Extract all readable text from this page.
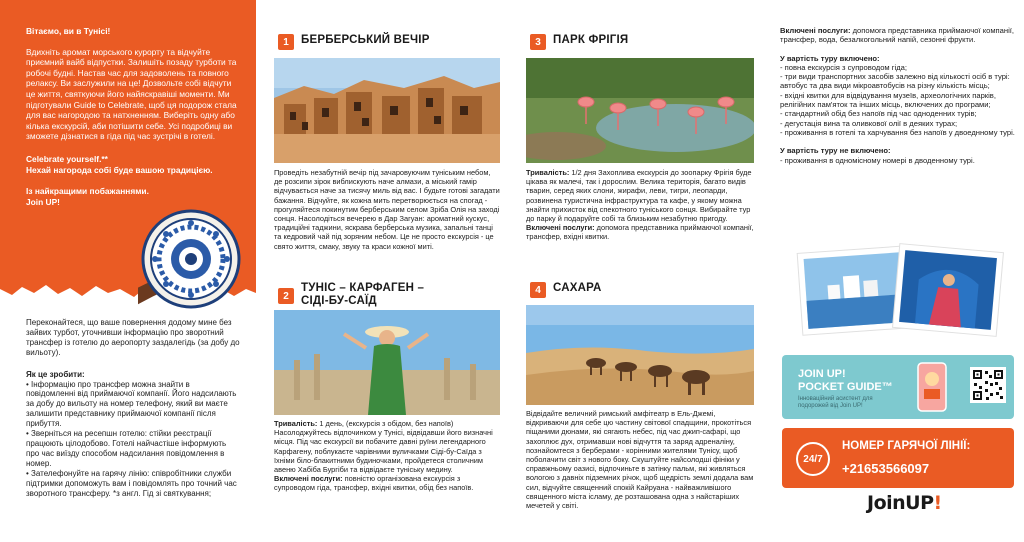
Вітаємо, ви в Тунісі!
Вдихніть аромат морського курорту та відчуйте приємний вайб відпустки. Залишіть позаду турботи та робочі будні. Настав час для задоволень та повного релаксу. Ви заслужили на це! Дозвольте собі відчути це життя, святкуючи його найяскравіші моменти. Ми підготували Guide to Celebrate, щоб ця подорож стала для вас нагородою та натхненням. Виберіть одну або кілька екскурсій, аби потішити себе. Усі подробиці ви зможете дізнатися в гіда під час зустрічі в готелі.
Celebrate yourself.**
Нехай нагорода собі буде вашою традицією.
Із найкращими побажаннями.
Join UP!
Переконайтеся, що ваше повернення додому мине без зайвих турбот, уточнивши інформацію про зворотний трансфер із готелю до аеропорту заздалегідь (за добу до вильоту).
Як це зробити:
• Інформацію про трансфер можна знайти в повідомленні від приймаючої компанії. Його надсилають за добу до вильоту на номер телефону, який ви маєте залишити представнику приймаючої компанії після прибуття.
• Зверніться на ресепшн готелю: стійки реєстрації працюють цілодобово. Готелі найчастіше інформують про час виїзду способом надсилання повідомлення в номер.
• Зателефонуйте на гарячу лінію: співробітники служби підтримки допоможуть вам і повідомлять про точний час зворотного трансферу. *з англ. Гід зі святкування;
1	БЕРБЕРСЬКИЙ ВЕЧІР
Проведіть незабутній вечір під зачаровуючим туніським небом, де розсипи зірок виблискують наче алмази, а міський гамір відчувається наче за тисячу миль від вас. І будьте готові загадати бажання. Відчуйте, як кожна мить перетворюється на спогад - прогуляйтеся покинутим берберським селом Зріба Олія на заході сонця. Насолодіться вечерею в Дар Загуан: ароматний кускус, традиційні таджини, яскрава берберська музика, запальні танці та кедровий чай під зоряним небом. Це не просто екскурсія - це свято життя, смаку, звуку та краси кожної миті.
2
ТУНІС – КАРФАГЕН –
СІДІ-БУ-САЇД
Тривалість: 1 день, (екскурсія з обідом, без напоїв) Насолоджуйтесь відпочинком у Тунісі, відвідавши його визначні місця. Під час екскурсії ви побачите давні руїни легендарного Карфагену, поблукаєте чарівними вуличками Сіді-бу-Саїда з їхніми біло-блакитними будиночками, пройдетеся столичним авеню Хабіба Бургіби та відвідаєте туніську медину.
Включені послуги: повністю організована екскурсія з супроводом гіда, трансфер, вхідні квитки, обід без напоїв.
3	ПАРК ФРІГІЯ
Тривалість: 1/2 дня Захоплива екскурсія до зоопарку Фрігія буде цікава як малечі, так і дорослим. Велика територія, багато видів тварин, серед яких слони, жирафи, леви, тигри, леопарди, розвинена туристична інфраструктура та кафе, у якому можна знайти прихисток від спекотного туніського сонця. Вибирайте тур до парку й подаруйте собі та близьким незабутню пригоду.
Включені послуги: допомога представника приймаючої компанії, трансфер, вхідні квитки.
4	САХАРА
Відвідайте величний римський амфітеатр в Ель-Джемі, відкриваючи для себе цю частину світової спадщини, прокотіться піщаними дюнами, які сягають небес, під час джип-сафарі, що захоплює дух, отримавши нові відчуття та заряд адреналіну, познайомтеся з берберами - корінними жителями Тунісу, щоб поболачити світ з нового боку. Скуштуйте найсолодші фініки у справжньому оазисі, відпочиньте в затінку пальм, які живляться вологою з давніх підземних річок, щоб щедрість землі додала вам сил, відчуйте священний спокій Кайруана - найважливішого священного міста ісламу, де розташована одна з найстаріших мечетей у світі.
Включені послуги: допомога представника приймаючої компанії, трансфер, вода, безалкогольний напій, сезонні фрукти.
У вартість туру включено:
- повна екскурсія з супроводом гіда;
- три види транспортних засобів залежно від кількості осіб в турі: автобус та два види мікроавтобусів на різну кількість місць;
- вхідні квитки для відвідування музеїв, археологічних парків, релігійних пам'яток та інших місць, включених до програми;
- стандартний обід без напоїв під час одноденних турів;
- дегустація вина та оливкової олії в деяких турах;
- проживання в готелі та харчування без напоїв у двоеднному турі.
У вартість туру не включено:
- проживання в одномісному номері в дводенному турі.
JOIN UP!
POCKET GUIDE™
Інноваційний асистент для подорожей від Join UP!
24/7
НОМЕР ГАРЯЧОЇ ЛІНІЇ:
+21653566097
JoinUP!
